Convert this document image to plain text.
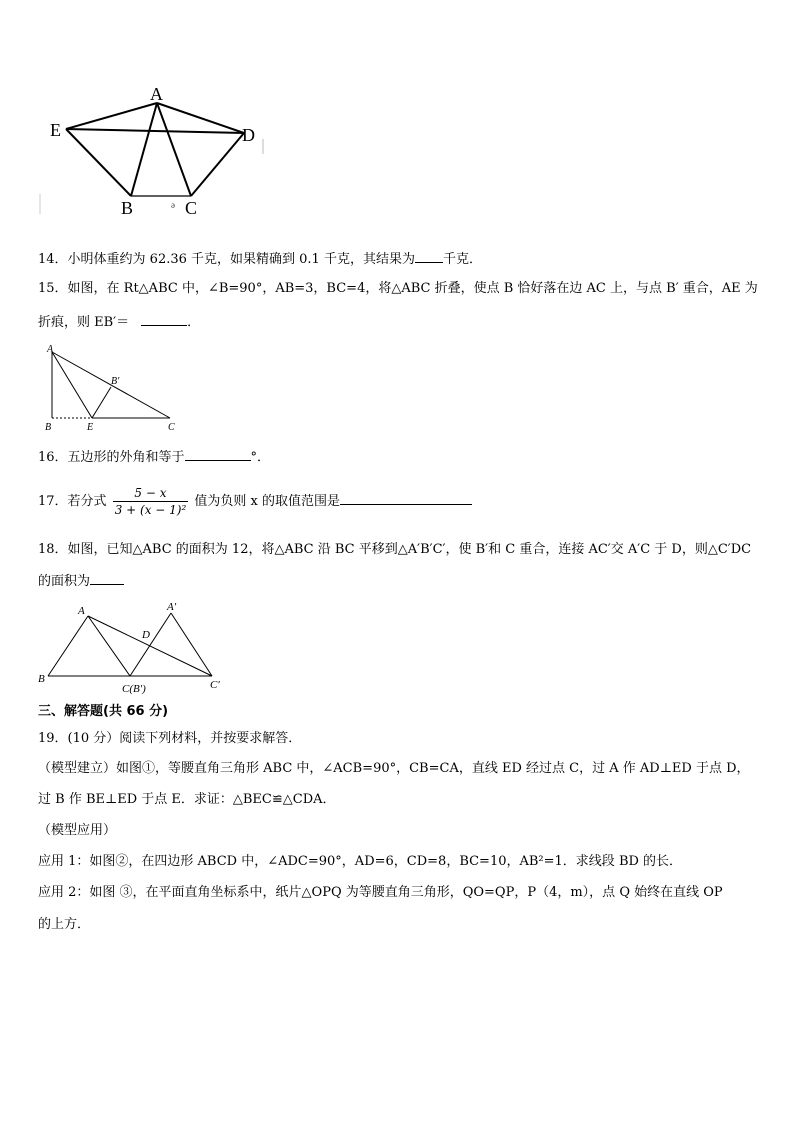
ə
A
E	D
B	C
14．小明体重约为 62.36 千克，如果精确到 0.1 千克，其结果为 千克．
15．如图，在 Rt△ABC 中，∠B=90°，AB=3，BC=4，将△ABC 折叠，使点 B 恰好落在边 AC 上，与点 B′ 重合，AE 为
折痕，则 EB′＝	．
A
B′
B	E	C
16．五边形的外角和等于	°．
17．若分式 $\frac{5 - x}{\text{3 + (x − 1)²}}$ 值为负则 x 的取值范围是
18．如图，已知△ABC 的面积为 12，将△ABC 沿 BC 平移到△A′B′C′，使 B′和 C 重合，连接 AC′交 A′C 于 D，则△C′DC
的面积为
A	A′
D
B
C(B′)	C′
三、解答题(共 66 分)
19．(10 分）阅读下列材料，并按要求解答．
（模型建立）如图①，等腰直角三角形 ABC 中，∠ACB=90°，CB=CA，直线 ED 经过点 C，过 A 作 AD⊥ED 于点 D，
过 B 作 BE⊥ED 于点 E．求证：△BEC≌△CDA．
（模型应用）
应用 1：如图②，在四边形 ABCD 中，∠ADC=90°，AD=6，CD=8，BC=10，AB²=1．求线段 BD 的长．
应用 2：如图 ③，在平面直角坐标系中，纸片△OPQ 为等腰直角三角形，QO=QP，P（4，m），点 Q 始终在直线 OP
的上方．
